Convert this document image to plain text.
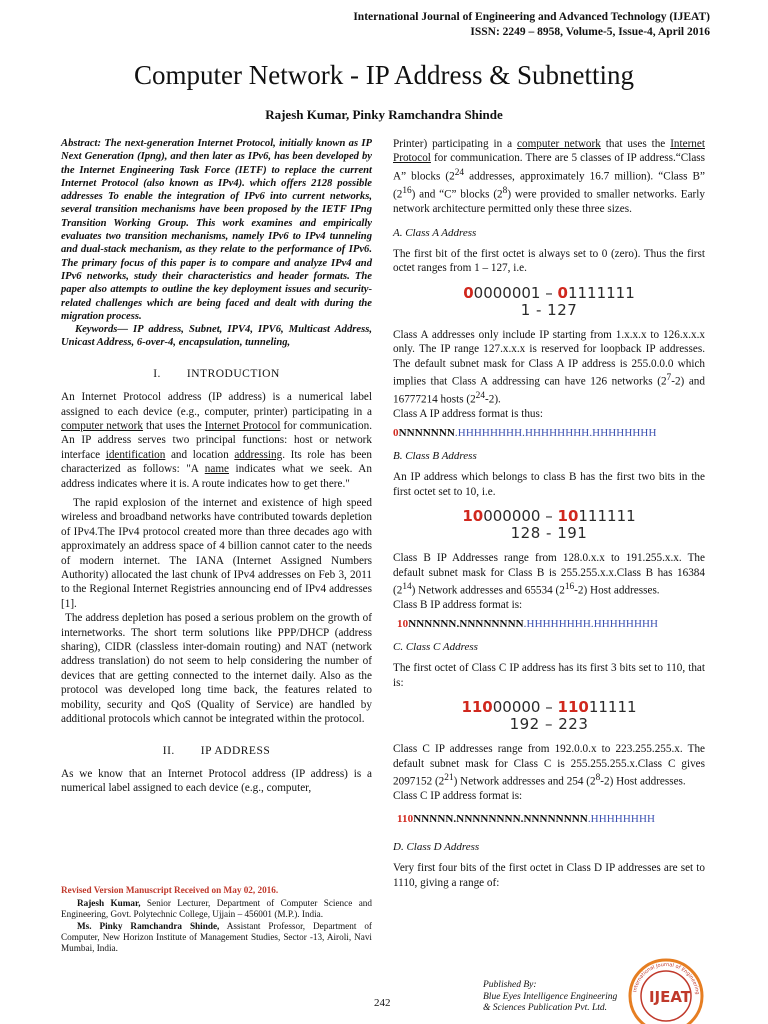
International Journal of Engineering and Advanced Technology (IJEAT)
ISSN: 2249 – 8958, Volume-5, Issue-4, April 2016
Computer Network - IP Address & Subnetting
Rajesh Kumar, Pinky Ramchandra Shinde

Abstract: The next-generation Internet Protocol, initially known as IP Next Generation (Ipng), and then later as IPv6, has been developed by the Internet Engineering Task Force (IETF) to replace the current Internet Protocol (also known as IPv4). which offers 2128 possible addresses To enable the integration of IPv6 into current networks, several transition mechanisms have been proposed by the IETF IPng Transition Working Group. This work examines and empirically evaluates two transition mechanisms, namely IPv6 to IPv4 tunneling and dual-stack mechanism, as they relate to the performance of IPv6. The primary focus of this paper is to compare and analyze IPv4 and IPv6 networks, study their characteristics and header formats. The paper also attempts to outline the key deployment issues and security-related challenges which are being faced and dealt with during the migration process.

Keywords— IP address, Subnet, IPV4, IPV6, Multicast Address, Unicast Address, 6-over-4, encapsulation, tunneling,

I. INTRODUCTION

An Internet Protocol address (IP address) is a numerical label assigned to each device (e.g., computer, printer) participating in a computer network that uses the Internet Protocol for communication. An IP address serves two principal functions: host or network interface identification and location addressing. Its role has been characterized as follows: "A name indicates what we seek. An address indicates where it is. A route indicates how to get there."

The rapid explosion of the internet and existence of high speed wireless and broadband networks have contributed towards depletion of IPv4.The IPv4 protocol created more than three decades ago with approximately an address space of 4 billion cannot cater to the needs of modern internet. The IANA (Internet Assigned Numbers Authority) allocated the last chunk of IPv4 addresses on Feb 3, 2011 to the Regional Internet Registries announcing end of IPv4 addresses [1].

The address depletion has posed a serious problem on the growth of internetworks. The short term solutions like PPP/DHCP (address sharing), CIDR (classless inter-domain routing) and NAT (network address translation) do not seem to help considering the number of devices that are getting connected to the internet daily. Also as the protocol was developed long time back, the features related to mobility, security and QoS (Quality of Service) are handled by additional protocols which cannot be integrated within the protocol.

II. IP ADDRESS

As we know that an Internet Protocol address (IP address) is a numerical label assigned to each device (e.g., computer,

Printer) participating in a computer network that uses the Internet Protocol for communication. There are 5 classes of IP address.“Class A” blocks ($2^{24}$ addresses, approximately 16.7 million). “Class B” $(2^{16})$ and “C” blocks $(2^8)$ were provided to smaller networks. Early network architecture permitted only these three sizes.

A. Class A Address

The first bit of the first octet is always set to 0 (zero). Thus the first octet ranges from 1 – 127, i.e.

00000001 – 01111111
1 - 127

Class A addresses only include IP starting from 1.x.x.x to 126.x.x.x only. The IP range 127.x.x.x is reserved for loopback IP addresses. The default subnet mask for Class A IP address is 255.0.0.0 which implies that Class A addressing can have 126 networks $(2^7-2)$ and 16777214 hosts $(2^{24}-2)$.

Class A IP address format is thus:

0NNNNNNN.HHHHHHHH.HHHHHHHH.HHHHHHHH
B. Class B Address

An IP address which belongs to class B has the first two bits in the first octet set to 10, i.e.

10000000 – 10111111
128 - 191

Class B IP Addresses range from 128.0.x.x to 191.255.x.x. The default subnet mask for Class B is 255.255.x.x.Class B has 16384 $(2^{14})$ Network addresses and 65534 $(2^{16}-2)$ Host addresses.

Class B IP address format is:

10NNNNNN.NNNNNNNN.HHHHHHHH.HHHHHHHH
C. Class C Address

The first octet of Class C IP address has its first 3 bits set to 110, that is:

11000000 – 11011111
192 – 223

Class C IP addresses range from 192.0.0.x to 223.255.255.x. The default subnet mask for Class C is 255.255.255.x.Class C gives 2097152 $(2^{21})$ Network addresses and 254 $(2^8-2)$ Host addresses.

Class C IP address format is:

110NNNNN.NNNNNNNN.NNNNNNNN.HHHHHHHH
D. Class D Address

Very first four bits of the first octet in Class D IP addresses are set to 1110, giving a range of:

Revised Version Manuscript Received on May 02, 2016.

Rajesh Kumar, Senior Lecturer, Department of Computer Science and Engineering, Govt. Polytechnic College, Ujjain – 456001 (M.P.). India.

Ms. Pinky Ramchandra Shinde, Assistant Professor, Department of Computer, New Horizon Institute of Management Studies, Sector -13, Airoli, Navi Mumbai, India.

242
Published By:
Blue Eyes Intelligence Engineering
& Sciences Publication Pvt. Ltd.
International Journal of Engineering
IJEAT
